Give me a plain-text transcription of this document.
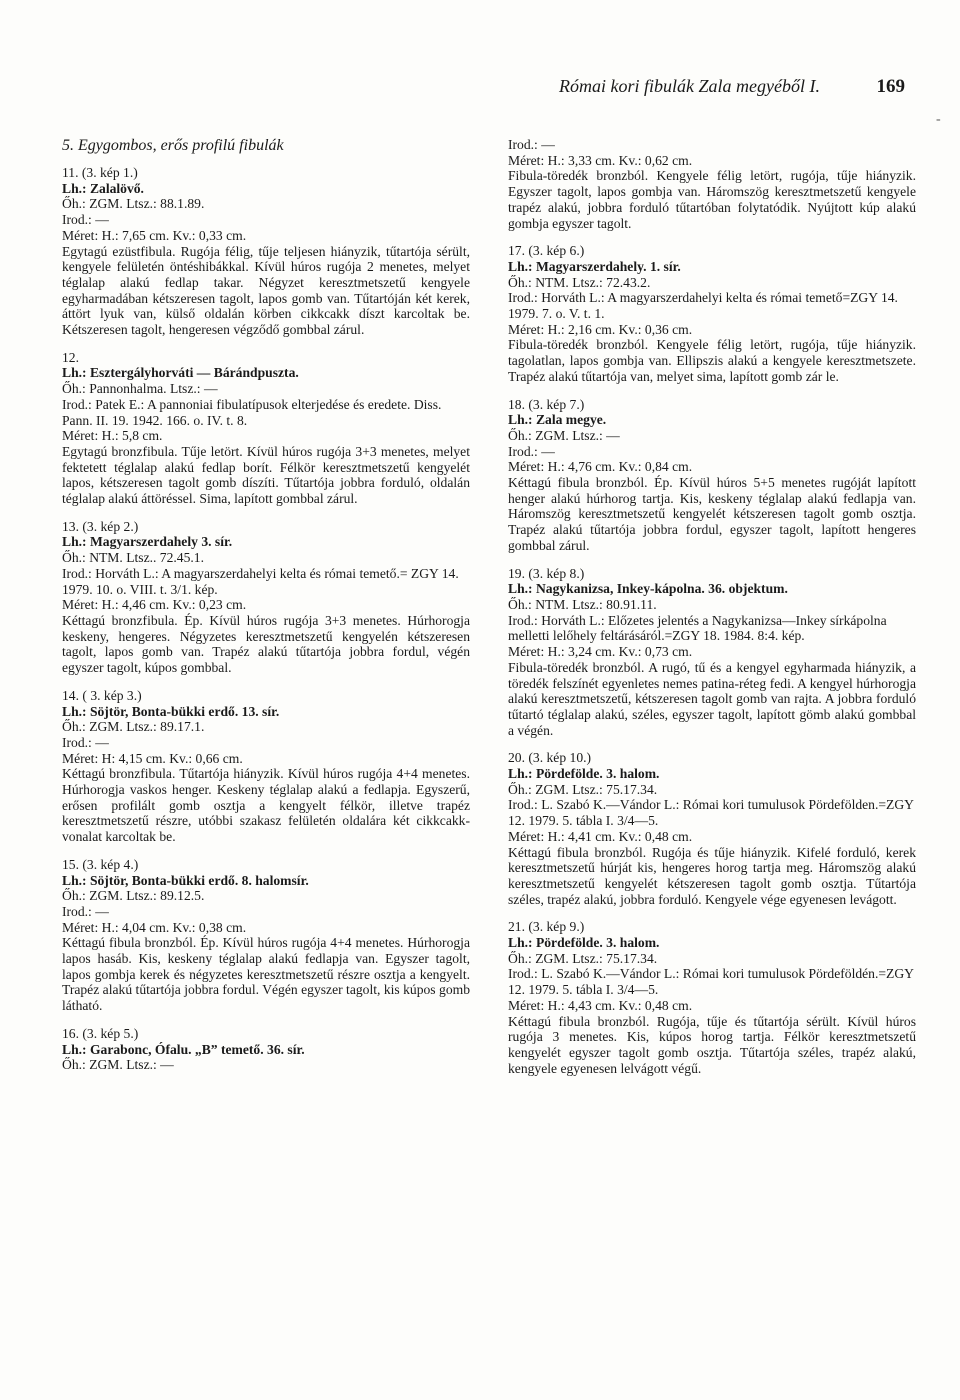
Római kori fibulák Zala megyéből I.	169
5. Egygombos, erős profilú fibulák

11. (3. kép 1.)

Lh.: Zalalövő.

Őh.: ZGM. Ltsz.: 88.1.89.

Irod.: —

Méret: H.: 7,65 cm. Kv.: 0,33 cm.

Egytagú ezüstfibula. Rugója félig, tűje teljesen hiányzik, tűtartója sérült, kengyele felületén öntéshibákkal. Kívül húros rugója 2 menetes, melyet téglalap alakú fedlap takar. Négyzet keresztmetszetű kengyele egyharmadában kétszeresen tagolt, lapos gomb van. Tűtartóján két kerek, áttört lyuk van, külső oldalán körben cikkcakk díszt karcoltak be. Kétszeresen tagolt, hengeresen végződő gombbal zárul.

12.

Lh.: Esztergályhorváti — Bárándpuszta.

Őh.: Pannonhalma. Ltsz.: —

Irod.: Patek E.: A pannoniai fibulatípusok elterjedése és eredete. Diss. Pann. II. 19. 1942. 166. o. IV. t. 8.

Méret: H.: 5,8 cm.

Egytagú bronzfibula. Tűje letört. Kívül húros rugója 3+3 menetes, melyet fektetett téglalap alakú fedlap borít. Félkör keresztmetszetű kengyelét lapos, kétszeresen tagolt gomb díszíti. Tűtartója jobbra forduló, oldalán téglalap alakú áttöréssel. Sima, lapított gombbal zárul.

13. (3. kép 2.)

Lh.: Magyarszerdahely 3. sír.

Őh.: NTM. Ltsz.. 72.45.1.

Irod.: Horváth L.: A magyarszerdahelyi kelta és római temető.= ZGY 14. 1979. 10. o. VIII. t. 3/1. kép.

Méret: H.: 4,46 cm. Kv.: 0,23 cm.

Kéttagú bronzfibula. Ép. Kívül húros rugója 3+3 menetes. Húrhorogja keskeny, hengeres. Négyzetes keresztmetszetű kengyelén kétszeresen tagolt, lapos gomb van. Trapéz alakú tűtartója jobbra fordul, végén egyszer tagolt, kúpos gombbal.

14. ( 3. kép 3.)

Lh.: Söjtör, Bonta-bükki erdő. 13. sír.

Őh.: ZGM. Ltsz.: 89.17.1.

Irod.: —

Méret: H: 4,15 cm. Kv.: 0,66 cm.

Kéttagú bronzfibula. Tűtartója hiányzik. Kívül húros rugója 4+4 menetes. Húrhorogja vaskos henger. Keskeny téglalap alakú a fedlapja. Egyszerű, erősen profilált gomb osztja a kengyelt félkör, illetve trapéz keresztmetszetű részre, utóbbi szakasz felületén oldalára két cikkcakk-vonalat karcoltak be.

15. (3. kép 4.)

Lh.: Söjtör, Bonta-bükki erdő. 8. halomsír.

Őh.: ZGM. Ltsz.: 89.12.5.

Irod.: —

Méret: H.: 4,04 cm. Kv.: 0,38 cm.

Kéttagú fibula bronzból. Ép. Kívül húros rugója 4+4 menetes. Húrhorogja lapos hasáb. Kis, keskeny téglalap alakú fedlapja van. Egyszer tagolt, lapos gombja kerek és négyzetes keresztmetszetű részre osztja a kengyelt. Trapéz alakú tűtartója jobbra fordul. Végén egyszer tagolt, kis kúpos gomb látható.

16. (3. kép 5.)

Lh.: Garabonc, Ófalu. „B” temető. 36. sír.

Őh.: ZGM. Ltsz.: —

Irod.: —

Méret: H.: 3,33 cm. Kv.: 0,62 cm.

Fibula-töredék bronzból. Kengyele félig letört, rugója, tűje hiányzik. Egyszer tagolt, lapos gombja van. Háromszög keresztmetszetű kengyele trapéz alakú, jobbra forduló tűtartóban folytatódik. Nyújtott kúp alakú gombja egyszer tagolt.

17. (3. kép 6.)

Lh.: Magyarszerdahely. 1. sír.

Őh.: NTM. Ltsz.: 72.43.2.

Irod.: Horváth L.: A magyarszerdahelyi kelta és római temető=ZGY 14. 1979. 7. o. V. t. 1.

Méret: H.: 2,16 cm. Kv.: 0,36 cm.

Fibula-töredék bronzból. Kengyele félig letört, rugója, tűje hiányzik. tagolatlan, lapos gombja van. Ellipszis alakú a kengyele keresztmetszete. Trapéz alakú tűtartója van, melyet sima, lapított gomb zár le.

18. (3. kép 7.)

Lh.: Zala megye.

Őh.: ZGM. Ltsz.: —

Irod.: —

Méret: H.: 4,76 cm. Kv.: 0,84 cm.

Kéttagú fibula bronzból. Ép. Kívül húros 5+5 menetes rugóját lapított henger alakú húrhorog tartja. Kis, keskeny téglalap alakú fedlapja van. Háromszög keresztmetszetű kengyelét kétszeresen tagolt gomb osztja. Trapéz alakú tűtartója jobbra fordul, egyszer tagolt, lapított hengeres gombbal zárul.

19. (3. kép 8.)

Lh.: Nagykanizsa, Inkey-kápolna. 36. objektum.

Őh.: NTM. Ltsz.: 80.91.11.

Irod.: Horváth L.: Előzetes jelentés a Nagykanizsa—Inkey sírkápolna melletti lelőhely feltárásáról.=ZGY 18. 1984. 8:4. kép.

Méret: H.: 3,24 cm. Kv.: 0,73 cm.

Fibula-töredék bronzból. A rugó, tű és a kengyel egyharmada hiányzik, a töredék felszínét egyenletes nemes patina-réteg fedi. A kengyel húrhorogja alakú keresztmetszetű, kétszeresen tagolt gomb van rajta. A jobbra forduló tűtartó téglalap alakú, széles, egyszer tagolt, lapított gömb alakú gombbal a végén.

20. (3. kép 10.)

Lh.: Pördefölde. 3. halom.

Őh.: ZGM. Ltsz.: 75.17.34.

Irod.: L. Szabó K.—Vándor L.: Római kori tumulusok Pördefölden.=ZGY 12. 1979. 5. tábla I. 3/4—5.

Méret: H.: 4,41 cm. Kv.: 0,48 cm.

Kéttagú fibula bronzból. Rugója és tűje hiányzik. Kifelé forduló, kerek keresztmetszetű húrját kis, hengeres horog tartja meg. Háromszög alakú keresztmetszetű kengyelét kétszeresen tagolt gomb osztja. Tűtartója széles, trapéz alakú, jobbra forduló. Kengyele vége egyenesen levágott.

21. (3. kép 9.)

Lh.: Pördefölde. 3. halom.

Őh.: ZGM. Ltsz.: 75.17.34.

Irod.: L. Szabó K.—Vándor L.: Római kori tumulusok Pördeföldén.=ZGY 12. 1979. 5. tábla I. 3/4—5.

Méret: H.: 4,43 cm. Kv.: 0,48 cm.

Kéttagú fibula bronzból. Rugója, tűje és tűtartója sérült. Kívül húros rugója 3 menetes. Kis, kúpos horog tartja. Félkör keresztmetszetű kengyelét egyszer tagolt gomb osztja. Tűtartója széles, trapéz alakú, kengyele egyenesen lelvágott végű.

-
